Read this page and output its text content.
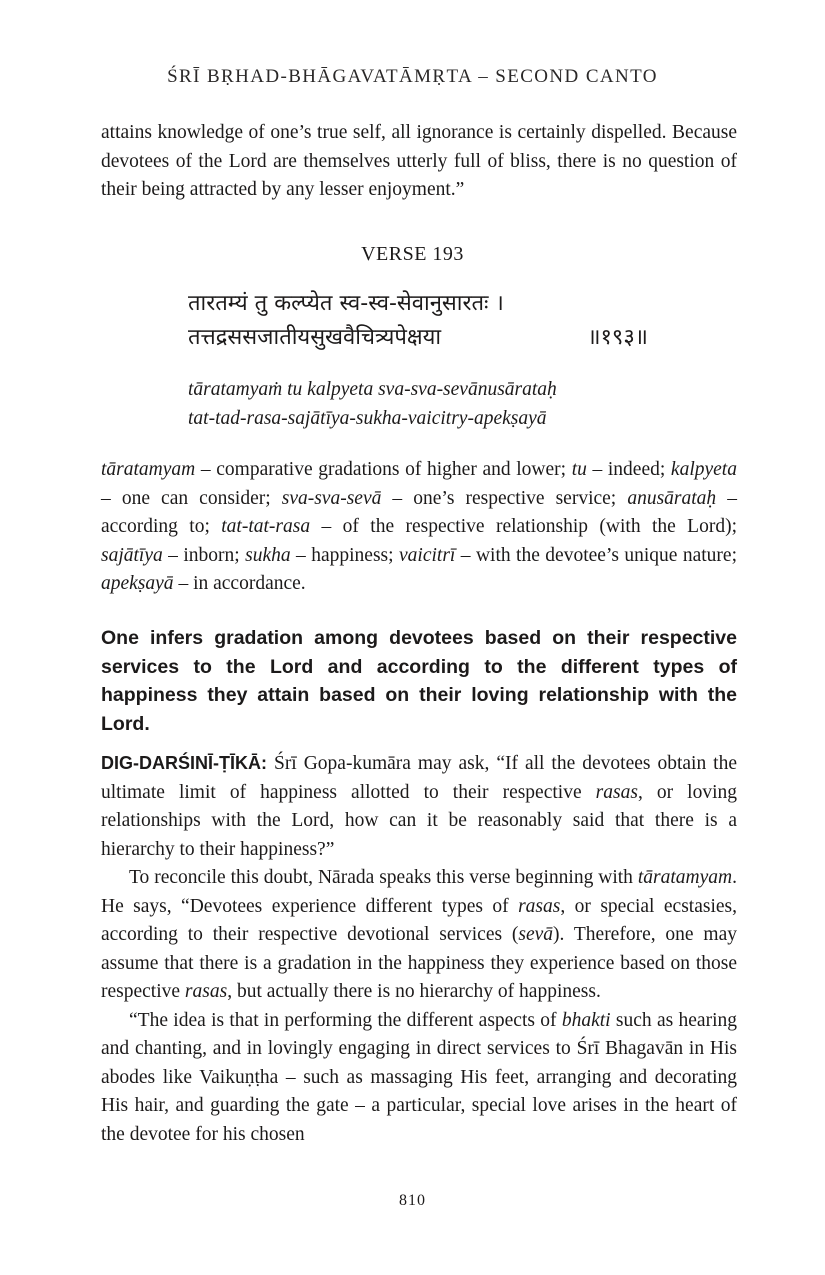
ŚRĪ BṚHAD-BHĀGAVATĀMṚTA – SECOND CANTO

attains knowledge of one’s true self, all ignorance is certainly dispelled. Because devotees of the Lord are themselves utterly full of bliss, there is no question of their being attracted by any lesser enjoyment.”

VERSE 193
तारतम्यं तु कल्प्येत स्व-स्व-सेवानुसारतः ।
तत्तद्रससजातीयसुखवैचित्र्यपेक्षया	॥१९३॥
tāratamyaṁ tu kalpyeta sva-sva-sevānusārataḥ
tat-tad-rasa-sajātīya-sukha-vaicitry-apekṣayā

tāratamyam – comparative gradations of higher and lower; tu – indeed; kalpyeta – one can consider; sva-sva-sevā – one’s respective service; anusārataḥ – according to; tat-tat-rasa – of the respective relationship (with the Lord); sajātīya – inborn; sukha – happiness; vaicitrī – with the devotee’s unique nature; apekṣayā – in accordance.

One infers gradation among devotees based on their respective services to the Lord and according to the different types of happiness they attain based on their loving relationship with the Lord.

DIG-DARŚINĪ-ṬĪKĀ: Śrī Gopa-kumāra may ask, “If all the devotees obtain the ultimate limit of happiness allotted to their respective rasas, or loving relationships with the Lord, how can it be reasonably said that there is a hierarchy to their happiness?”

To reconcile this doubt, Nārada speaks this verse beginning with tāratamyam. He says, “Devotees experience different types of rasas, or special ecstasies, according to their respective devotional services (sevā). Therefore, one may assume that there is a gradation in the happiness they experience based on those respective rasas, but actually there is no hierarchy of happiness.

“The idea is that in performing the different aspects of bhakti such as hearing and chanting, and in lovingly engaging in direct services to Śrī Bhagavān in His abodes like Vaikuṇṭha – such as massaging His feet, arranging and decorating His hair, and guarding the gate – a particular, special love arises in the heart of the devotee for his chosen

810
